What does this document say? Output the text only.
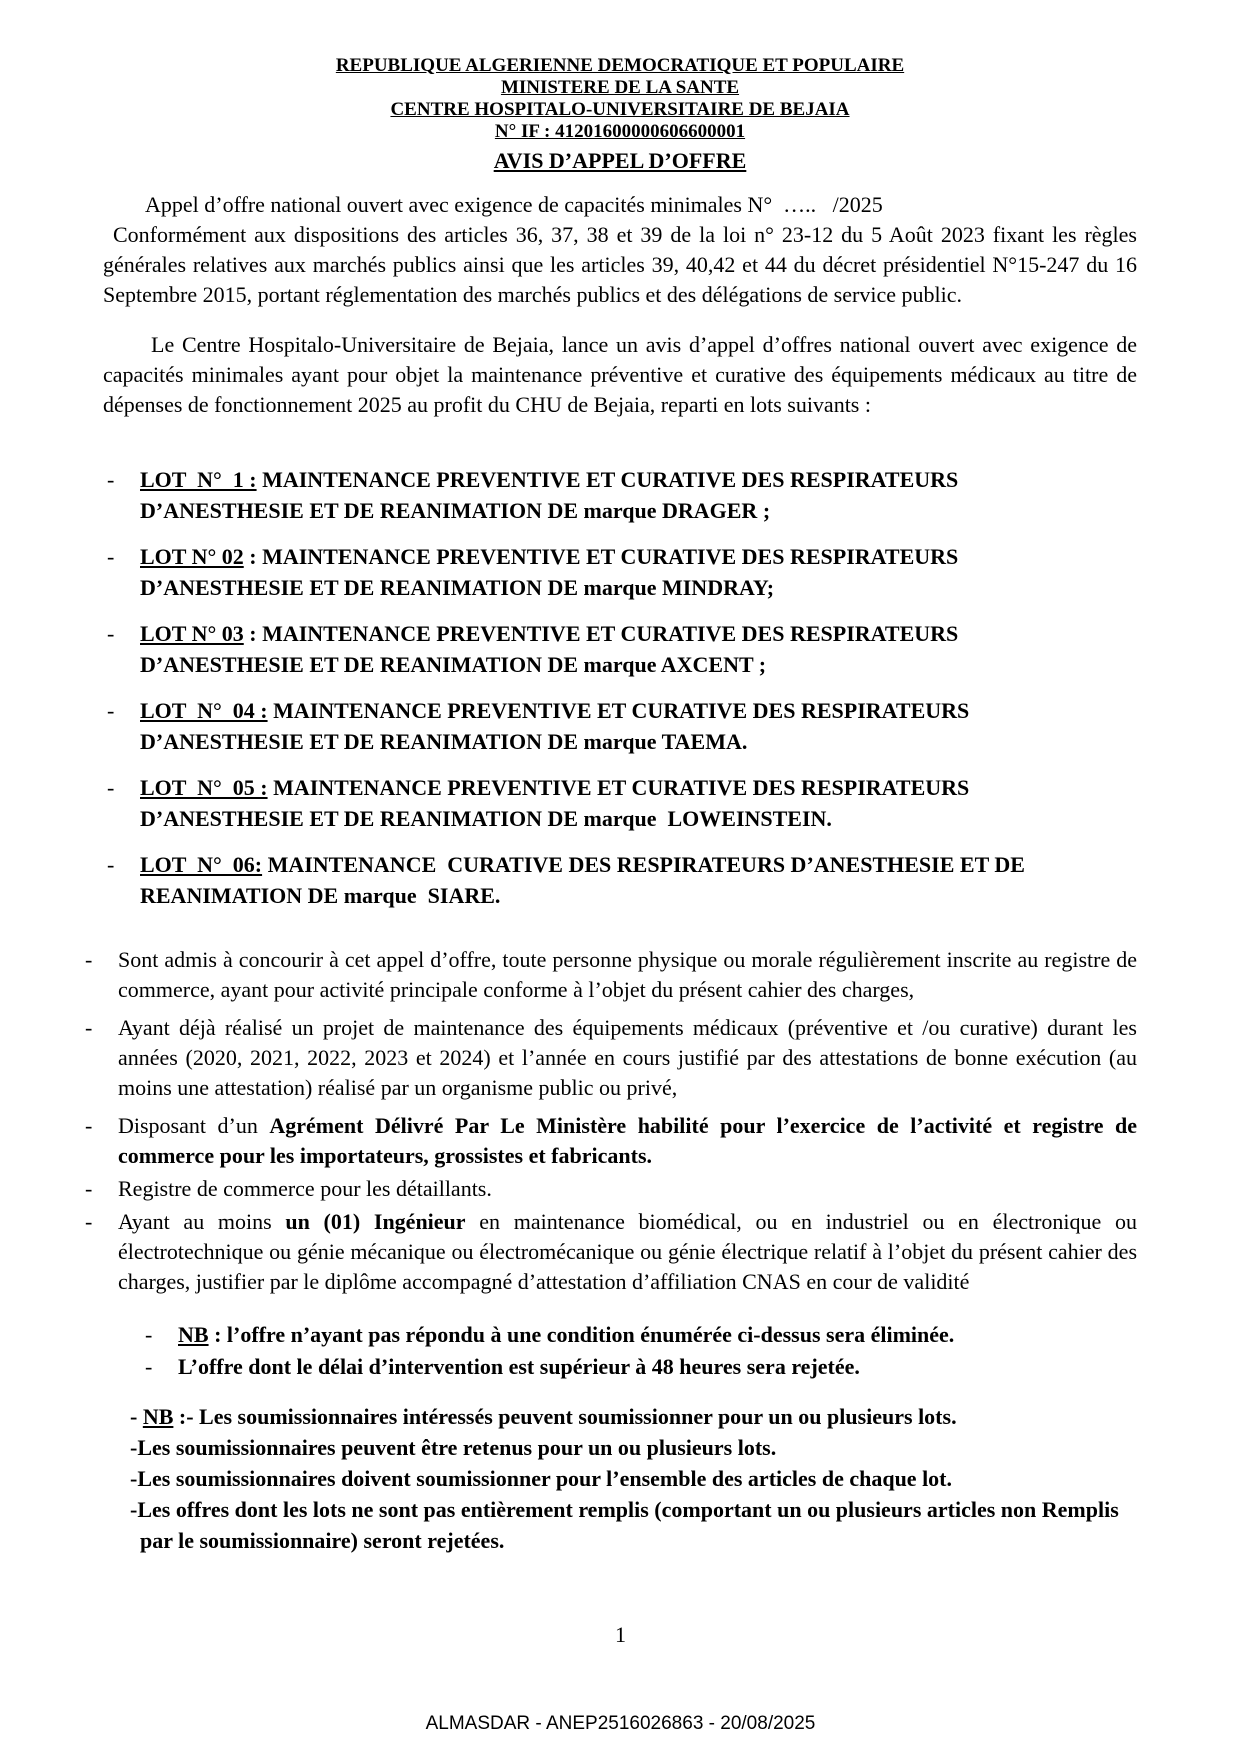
REPUBLIQUE ALGERIENNE DEMOCRATIQUE ET POPULAIRE
MINISTERE DE LA SANTE
CENTRE HOSPITALO-UNIVERSITAIRE DE BEJAIA
N° IF : 41201600000606600001
AVIS D’APPEL D’OFFRE
Appel d’offre national ouvert avec exigence de capacités minimales N°  …..   /2025
Conformément aux dispositions des articles 36, 37, 38 et 39 de la loi n° 23-12 du 5 Août 2023 fixant les règles générales relatives aux marchés publics ainsi que les articles 39, 40,42 et 44 du décret présidentiel N°15-247 du 16 Septembre 2015, portant réglementation des marchés publics et des délégations de service public.

Le Centre Hospitalo-Universitaire de Bejaia, lance un avis d’appel d’offres national ouvert avec exigence de capacités minimales ayant pour objet la maintenance préventive et curative des équipements médicaux au titre de dépenses de fonctionnement 2025 au profit du CHU de Bejaia, reparti en lots suivants :

-	LOT  N°  1 : MAINTENANCE PREVENTIVE ET CURATIVE DES RESPIRATEURS
D’ANESTHESIE ET DE REANIMATION DE marque DRAGER ;
-	LOT N° 02 : MAINTENANCE PREVENTIVE ET CURATIVE DES RESPIRATEURS
D’ANESTHESIE ET DE REANIMATION DE marque MINDRAY;
-	LOT N° 03 : MAINTENANCE PREVENTIVE ET CURATIVE DES RESPIRATEURS
D’ANESTHESIE ET DE REANIMATION DE marque AXCENT ;
-	LOT  N°  04 : MAINTENANCE PREVENTIVE ET CURATIVE DES RESPIRATEURS
D’ANESTHESIE ET DE REANIMATION DE marque TAEMA.
-	LOT  N°  05 : MAINTENANCE PREVENTIVE ET CURATIVE DES RESPIRATEURS
D’ANESTHESIE ET DE REANIMATION DE marque  LOWEINSTEIN.
-	LOT  N°  06: MAINTENANCE  CURATIVE DES RESPIRATEURS D’ANESTHESIE ET DE
REANIMATION DE marque  SIARE.
-	Sont admis à concourir à cet appel d’offre, toute personne physique ou morale régulièrement inscrite au registre de commerce, ayant pour activité principale conforme à l’objet du présent cahier des charges,
-	Ayant déjà réalisé un projet de maintenance des équipements médicaux (préventive et /ou curative) durant les années (2020, 2021, 2022, 2023 et 2024) et l’année en cours justifié par des attestations de bonne exécution (au moins une attestation) réalisé par un organisme public ou privé,
-	Disposant d’un Agrément Délivré Par Le Ministère habilité pour l’exercice de l’activité et registre de commerce pour les importateurs, grossistes et fabricants.
-	Registre de commerce pour les détaillants.
-	Ayant au moins un (01) Ingénieur en maintenance biomédical, ou en industriel ou en électronique ou électrotechnique ou génie mécanique ou électromécanique ou génie électrique relatif à l’objet du présent cahier des charges, justifier par le diplôme accompagné d’attestation d’affiliation CNAS en cour de validité
-	NB : l’offre n’ayant pas répondu à une condition énumérée ci-dessus sera éliminée.
-	L’offre dont le délai d’intervention est supérieur à 48 heures sera rejetée.
- NB :- Les soumissionnaires intéressés peuvent soumissionner pour un ou plusieurs lots.
-Les soumissionnaires peuvent être retenus pour un ou plusieurs lots.
-Les soumissionnaires doivent soumissionner pour l’ensemble des articles de chaque lot.
-Les offres dont les lots ne sont pas entièrement remplis (comportant un ou plusieurs articles non Remplis par le soumissionnaire) seront rejetées.
1
ALMASDAR - ANEP2516026863 - 20/08/2025
